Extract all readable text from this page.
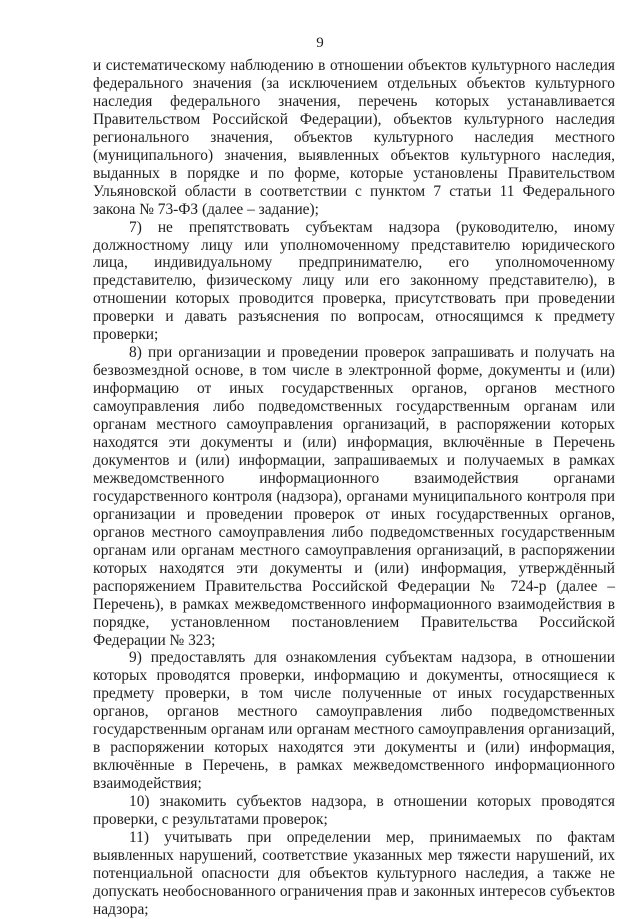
9

и систематическому наблюдению в отношении объектов культурного наследия федерального значения (за исключением отдельных объектов культурного наследия федерального значения, перечень которых устанавливается Правительством Российской Федерации), объектов культурного наследия регионального значения, объектов культурного наследия местного (муниципального) значения, выявленных объектов культурного наследия, выданных в порядке и по форме, которые установлены Правительством Ульяновской области в соответствии с пунктом 7 статьи 11 Федерального закона № 73-ФЗ (далее – задание);

7) не препятствовать субъектам надзора (руководителю, иному должностному лицу или уполномоченному представителю юридического лица, индивидуальному предпринимателю, его уполномоченному представителю, физическому лицу или его законному представителю), в отношении которых проводится проверка, присутствовать при проведении проверки и давать разъяснения по вопросам, относящимся к предмету проверки;

8) при организации и проведении проверок запрашивать и получать на безвозмездной основе, в том числе в электронной форме, документы и (или) информацию от иных государственных органов, органов местного самоуправления либо подведомственных государственным органам или органам местного самоуправления организаций, в распоряжении которых находятся эти документы и (или) информация, включённые в Перечень документов и (или) информации, запрашиваемых и получаемых в рамках межведомственного информационного взаимодействия органами государственного контроля (надзора), органами муниципального контроля при организации и проведении проверок от иных государственных органов, органов местного самоуправления либо подведомственных государственным органам или органам местного самоуправления организаций, в распоряжении которых находятся эти документы и (или) информация, утверждённый распоряжением Правительства Российской Федерации № 724-р (далее – Перечень), в рамках межведомственного информационного взаимодействия в порядке, установленном постановлением Правительства Российской Федерации № 323;

9) предоставлять для ознакомления субъектам надзора, в отношении которых проводятся проверки, информацию и документы, относящиеся к предмету проверки, в том числе полученные от иных государственных органов, органов местного самоуправления либо подведомственных государственным органам или органам местного самоуправления организаций, в распоряжении которых находятся эти документы и (или) информация, включённые в Перечень, в рамках межведомственного информационного взаимодействия;

10) знакомить субъектов надзора, в отношении которых проводятся проверки, с результатами проверок;

11) учитывать при определении мер, принимаемых по фактам выявленных нарушений, соответствие указанных мер тяжести нарушений, их потенциальной опасности для объектов культурного наследия, а также не допускать необоснованного ограничения прав и законных интересов субъектов надзора;
